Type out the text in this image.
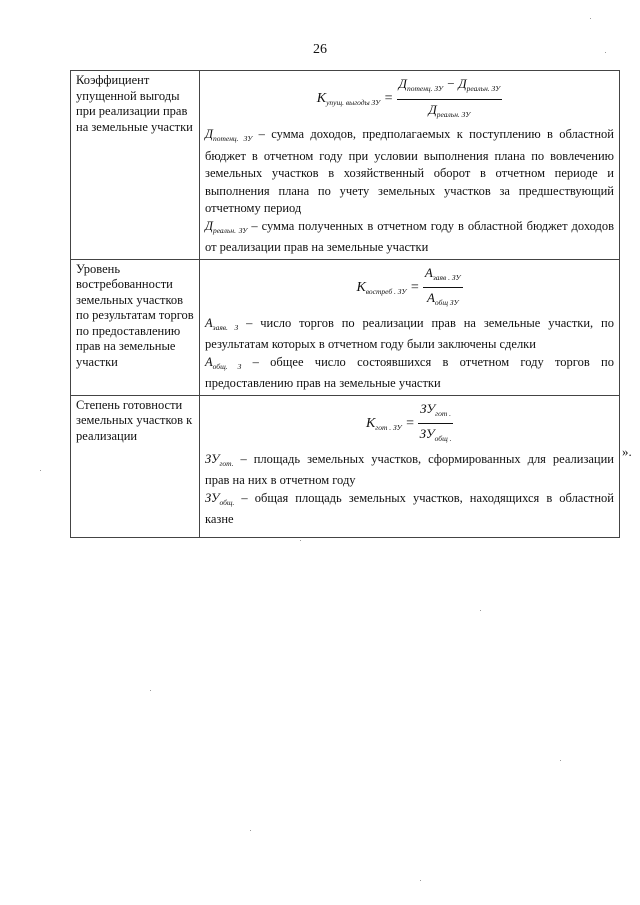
26
Коэффициент упущенной выгоды при реализации прав на земельные участки	$К_{упущ. выгоды ЗУ} = \frac{Д_{потенц. ЗУ} - Д_{реальн. ЗУ}}{Д_{реальн. ЗУ}}$
$Д_{потенц. ЗУ}$ – сумма доходов, предполагаемых к поступлению в областной бюджет в отчетном году при условии выполнения плана по вовлечению земельных участков в хозяйственный оборот в отчетном периоде и выполнения плана по учету земельных участков за предшествующий отчетному период
$Д_{реальн. ЗУ}$ – сумма полученных в отчетном году в областной бюджет доходов от реализации прав на земельные участки

Уровень востребованности земельных участков по результатам торгов по предоставлению прав на земельные участки	$К_{востреб . ЗУ} = \frac{А_{заяв . ЗУ}}{А_{общ ЗУ}}$
$А_{заяв. З}$ – число торгов по реализации прав на земельные участки, по результатам которых в отчетном году были заключены сделки
$А_{общ. З}$ – общее число состоявшихся в отчетном году торгов по предоставлению прав на земельные участки

Степень готовности земельных участков к реализации	$К_{гот . ЗУ} = \frac{ЗУ_{гот .}}{ЗУ_{общ .}}$
$ЗУ_{гот.}$ – площадь земельных участков, сформированных для реализации прав на них в отчетном году
$ЗУ_{общ.}$ – общая площадь земельных участков, находящихся в областной казне
».
